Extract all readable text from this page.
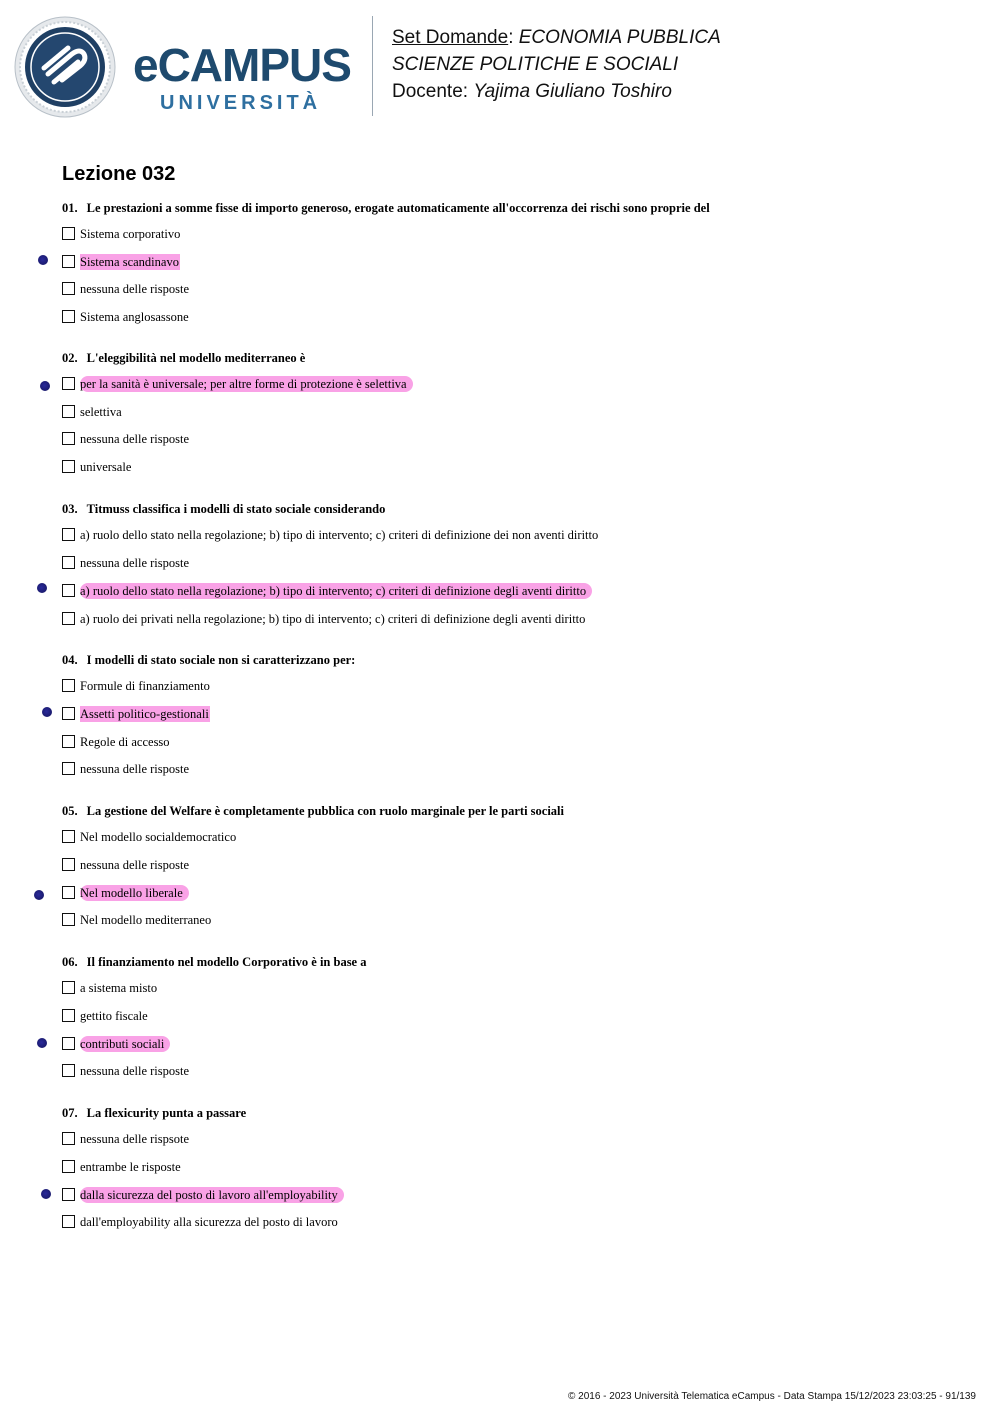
eCAMPUS
UNIVERSITÀ
Set Domande: ECONOMIA PUBBLICA
SCIENZE POLITICHE E SOCIALI
Docente: Yajima Giuliano Toshiro
Lezione 032
01. Le prestazioni a somme fisse di importo generoso, erogate automaticamente all'occorrenza dei rischi sono proprie del
Sistema corporativo
Sistema scandinavo
nessuna delle risposte
Sistema anglosassone
02. L'eleggibilità nel modello mediterraneo è
per la sanità è universale; per altre forme di protezione è selettiva
selettiva
nessuna delle risposte
universale
03. Titmuss classifica i modelli di stato sociale considerando
a) ruolo dello stato nella regolazione; b) tipo di intervento; c) criteri di definizione dei non aventi diritto
nessuna delle risposte
a) ruolo dello stato nella regolazione; b) tipo di intervento; c) criteri di definizione degli aventi diritto
a) ruolo dei privati nella regolazione; b) tipo di intervento; c) criteri di definizione degli aventi diritto
04. I modelli di stato sociale non si caratterizzano per:
Formule di finanziamento
Assetti politico-gestionali
Regole di accesso
nessuna delle risposte
05. La gestione del Welfare è completamente pubblica con ruolo marginale per le parti sociali
Nel modello socialdemocratico
nessuna delle risposte
Nel modello liberale
Nel modello mediterraneo
06. Il finanziamento nel modello Corporativo è in base a
a sistema misto
gettito fiscale
contributi sociali
nessuna delle risposte
07. La flexicurity punta a passare
nessuna delle rispsote
entrambe le risposte
dalla sicurezza del posto di lavoro all'employability
dall'employability alla sicurezza del posto di lavoro
© 2016 - 2023 Università Telematica eCampus - Data Stampa 15/12/2023 23:03:25 - 91/139
